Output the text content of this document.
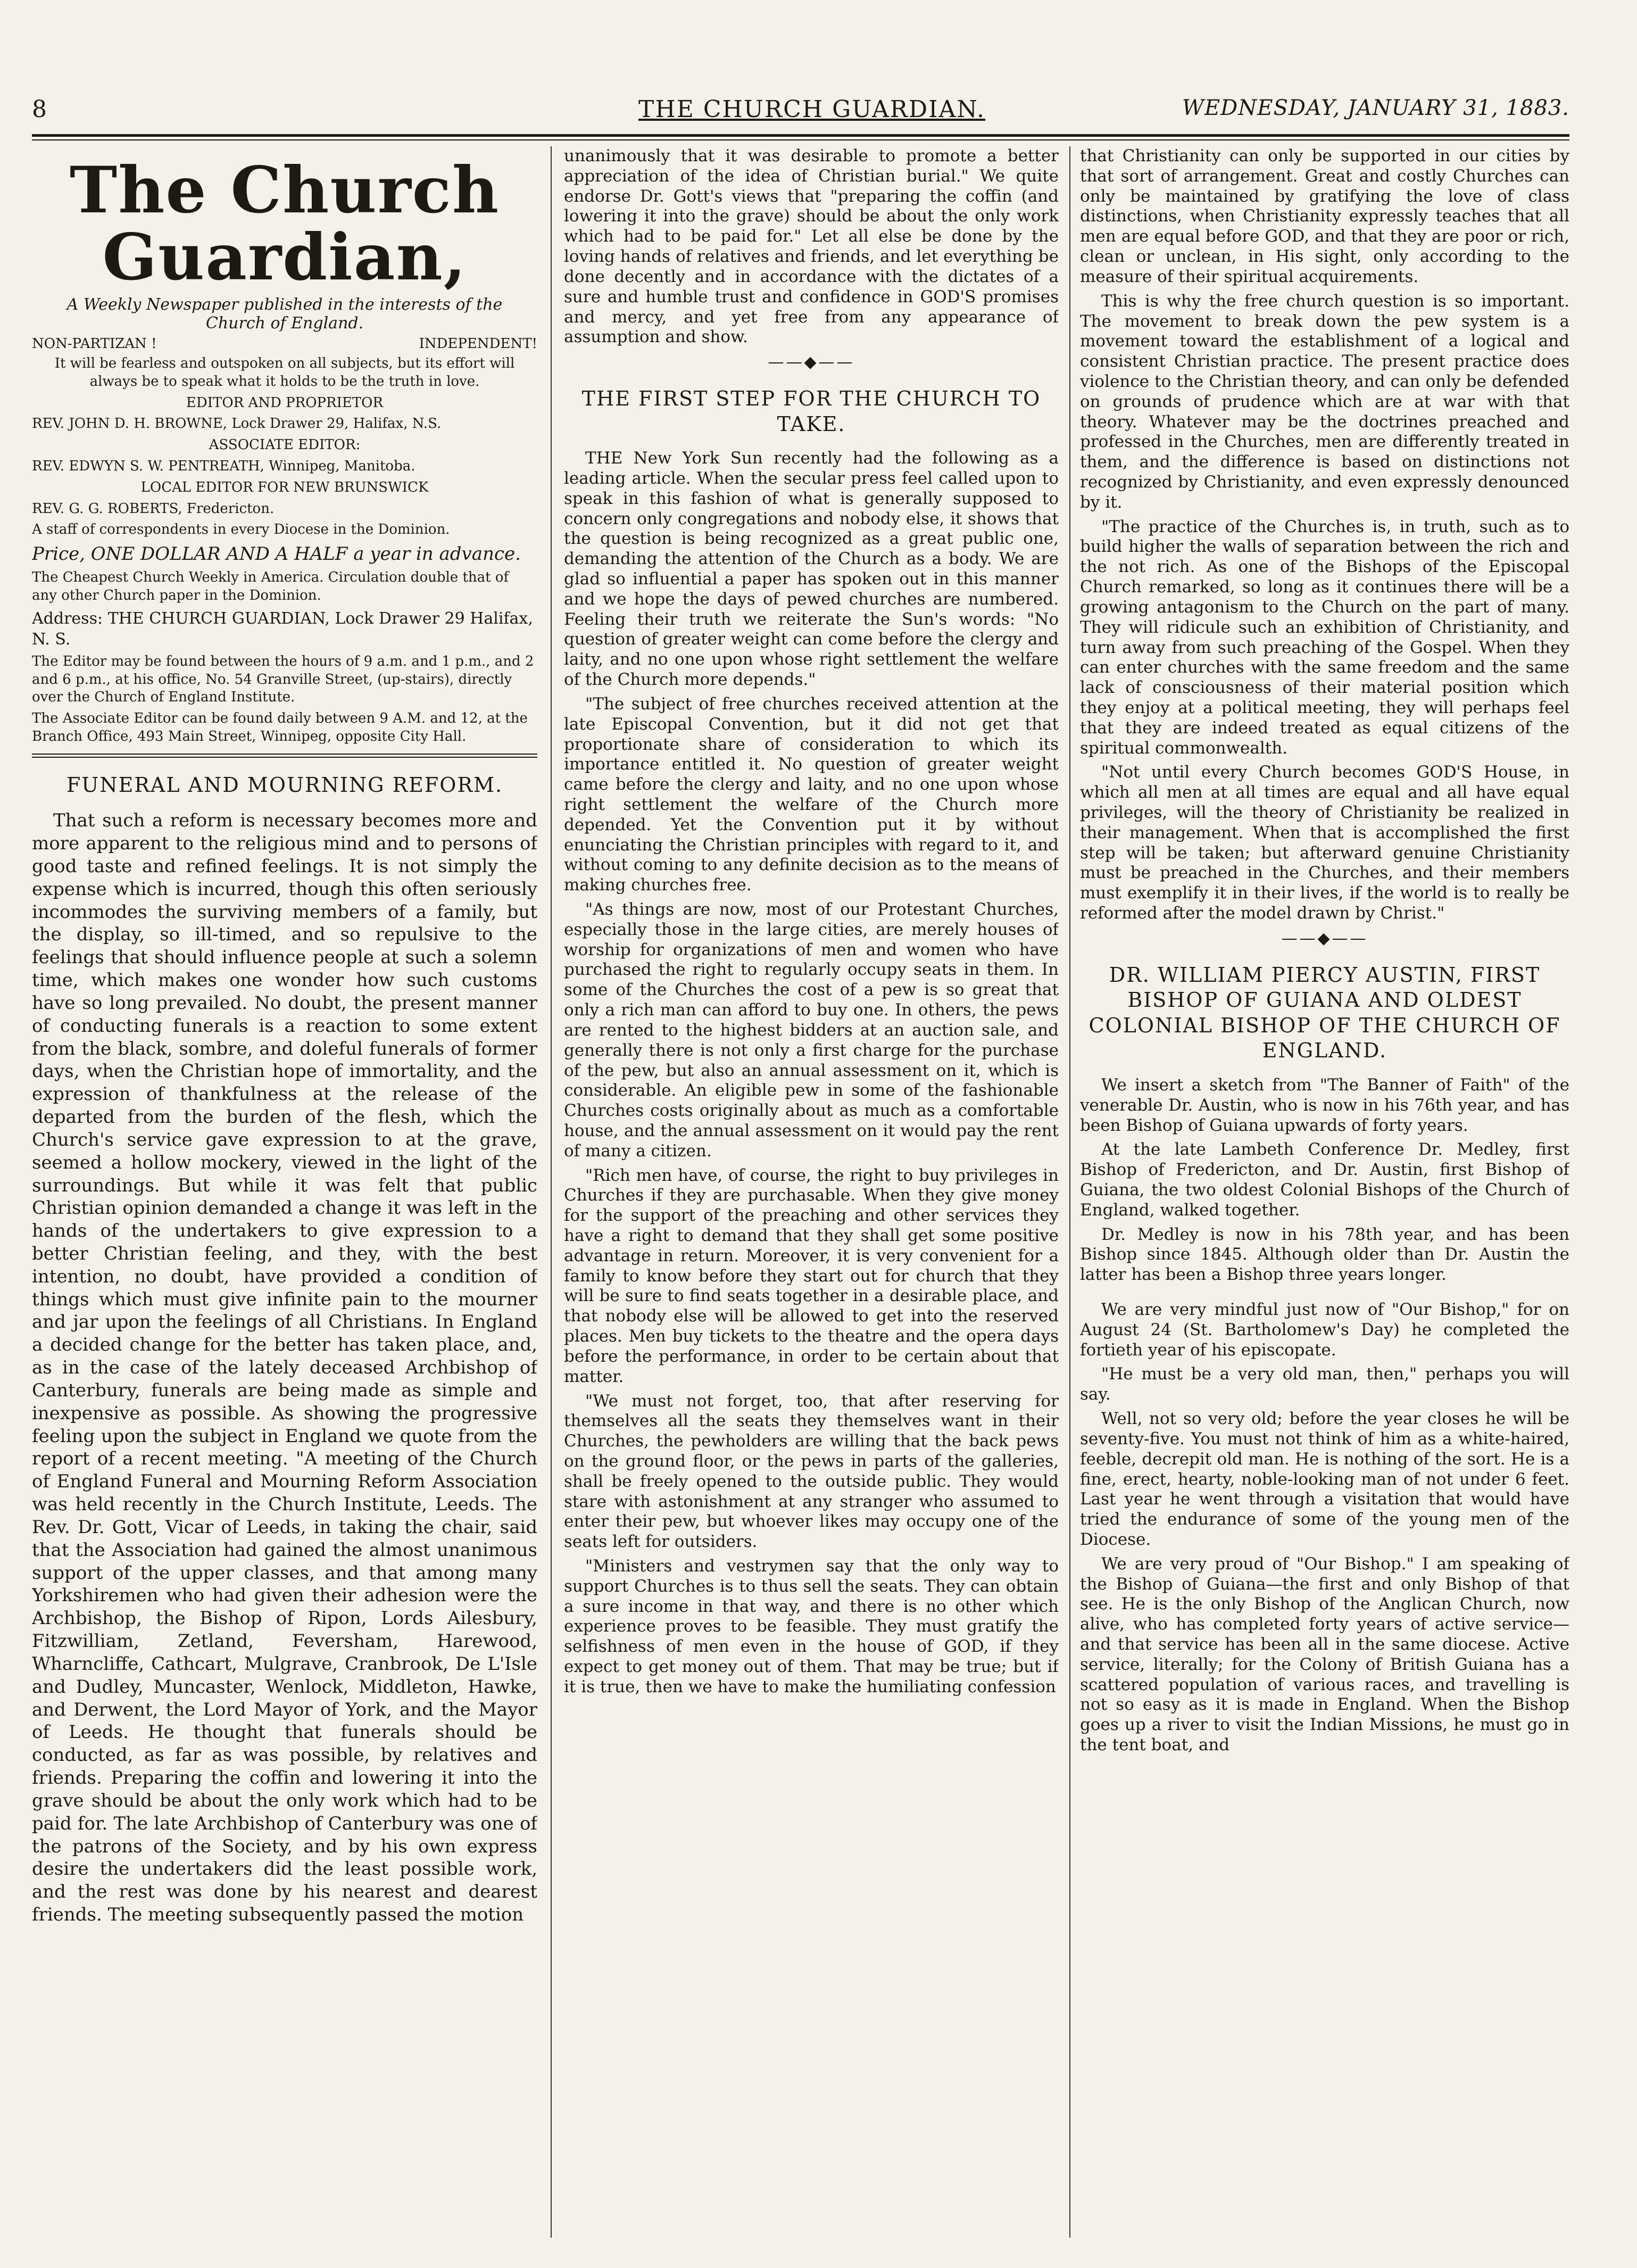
8	THE CHURCH GUARDIAN.	WEDNESDAY, JANUARY 31, 1883.
The Church Guardian,
A Weekly Newspaper published in the interests of the
Church of England.
NON-PARTIZAN !	INDEPENDENT!
It will be fearless and outspoken on all subjects, but its effort will always be to speak what it holds to be the truth in love.
EDITOR AND PROPRIETOR
REV. JOHN D. H. BROWNE, Lock Drawer 29, Halifax, N.S.
ASSOCIATE EDITOR:
REV. EDWYN S. W. PENTREATH, Winnipeg, Manitoba.
LOCAL EDITOR FOR NEW BRUNSWICK
REV. G. G. ROBERTS, Fredericton.
A staff of correspondents in every Diocese in the Dominion.
Price, ONE DOLLAR AND A HALF a year in advance.
The Cheapest Church Weekly in America. Circulation double that of any other Church paper in the Dominion.
Address: THE CHURCH GUARDIAN, Lock Drawer 29 Halifax, N. S.
The Editor may be found between the hours of 9 a.m. and 1 p.m., and 2 and 6 p.m., at his office, No. 54 Granville Street, (up-stairs), directly over the Church of England Institute.
The Associate Editor can be found daily between 9 A.M. and 12, at the Branch Office, 493 Main Street, Winnipeg, opposite City Hall.
FUNERAL AND MOURNING REFORM.

That such a reform is necessary becomes more and more apparent to the religious mind and to persons of good taste and refined feelings. It is not simply the expense which is incurred, though this often seriously incommodes the surviving members of a family, but the display, so ill-timed, and so repulsive to the feelings that should influence people at such a solemn time, which makes one wonder how such customs have so long prevailed. No doubt, the present manner of conducting funerals is a reaction to some extent from the black, sombre, and doleful funerals of former days, when the Christian hope of immortality, and the expression of thankfulness at the release of the departed from the burden of the flesh, which the Church's service gave expression to at the grave, seemed a hollow mockery, viewed in the light of the surroundings. But while it was felt that public Christian opinion demanded a change it was left in the hands of the undertakers to give expression to a better Christian feeling, and they, with the best intention, no doubt, have provided a condition of things which must give infinite pain to the mourner and jar upon the feelings of all Christians. In England a decided change for the better has taken place, and, as in the case of the lately deceased Archbishop of Canterbury, funerals are being made as simple and inexpensive as possible. As showing the progressive feeling upon the subject in England we quote from the report of a recent meeting. "A meeting of the Church of England Funeral and Mourning Reform Association was held recently in the Church Institute, Leeds. The Rev. Dr. Gott, Vicar of Leeds, in taking the chair, said that the Association had gained the almost unanimous support of the upper classes, and that among many Yorkshiremen who had given their adhesion were the Archbishop, the Bishop of Ripon, Lords Ailesbury, Fitzwilliam, Zetland, Feversham, Harewood, Wharncliffe, Cathcart, Mulgrave, Cranbrook, De L'Isle and Dudley, Muncaster, Wenlock, Middleton, Hawke, and Derwent, the Lord Mayor of York, and the Mayor of Leeds. He thought that funerals should be conducted, as far as was possible, by relatives and friends. Preparing the coffin and lowering it into the grave should be about the only work which had to be paid for. The late Archbishop of Canterbury was one of the patrons of the Society, and by his own express desire the undertakers did the least possible work, and the rest was done by his nearest and dearest friends. The meeting subsequently passed the motion

unanimously that it was desirable to promote a better appreciation of the idea of Christian burial." We quite endorse Dr. Gott's views that "preparing the coffin (and lowering it into the grave) should be about the only work which had to be paid for." Let all else be done by the loving hands of relatives and friends, and let everything be done decently and in accordance with the dictates of a sure and humble trust and confidence in GOD'S promises and mercy, and yet free from any appearance of assumption and show.

——◆——
THE FIRST STEP FOR THE CHURCH TO TAKE.

THE New York Sun recently had the following as a leading article. When the secular press feel called upon to speak in this fashion of what is generally supposed to concern only congregations and nobody else, it shows that the question is being recognized as a great public one, demanding the attention of the Church as a body. We are glad so influential a paper has spoken out in this manner and we hope the days of pewed churches are numbered. Feeling their truth we reiterate the Sun's words: "No question of greater weight can come before the clergy and laity, and no one upon whose right settlement the welfare of the Church more depends."

"The subject of free churches received attention at the late Episcopal Convention, but it did not get that proportionate share of consideration to which its importance entitled it. No question of greater weight came before the clergy and laity, and no one upon whose right settlement the welfare of the Church more depended. Yet the Convention put it by without enunciating the Christian principles with regard to it, and without coming to any definite decision as to the means of making churches free.

"As things are now, most of our Protestant Churches, especially those in the large cities, are merely houses of worship for organizations of men and women who have purchased the right to regularly occupy seats in them. In some of the Churches the cost of a pew is so great that only a rich man can afford to buy one. In others, the pews are rented to the highest bidders at an auction sale, and generally there is not only a first charge for the purchase of the pew, but also an annual assessment on it, which is considerable. An eligible pew in some of the fashionable Churches costs originally about as much as a comfortable house, and the annual assessment on it would pay the rent of many a citizen.

"Rich men have, of course, the right to buy privileges in Churches if they are purchasable. When they give money for the support of the preaching and other services they have a right to demand that they shall get some positive advantage in return. Moreover, it is very convenient for a family to know before they start out for church that they will be sure to find seats together in a desirable place, and that nobody else will be allowed to get into the reserved places. Men buy tickets to the theatre and the opera days before the performance, in order to be certain about that matter.

"We must not forget, too, that after reserving for themselves all the seats they themselves want in their Churches, the pewholders are willing that the back pews on the ground floor, or the pews in parts of the galleries, shall be freely opened to the outside public. They would stare with astonishment at any stranger who assumed to enter their pew, but whoever likes may occupy one of the seats left for outsiders.

"Ministers and vestrymen say that the only way to support Churches is to thus sell the seats. They can obtain a sure income in that way, and there is no other which experience proves to be feasible. They must gratify the selfishness of men even in the house of GOD, if they expect to get money out of them. That may be true; but if it is true, then we have to make the humiliating confession

that Christianity can only be supported in our cities by that sort of arrangement. Great and costly Churches can only be maintained by gratifying the love of class distinctions, when Christianity expressly teaches that all men are equal before GOD, and that they are poor or rich, clean or unclean, in His sight, only according to the measure of their spiritual acquirements.

This is why the free church question is so important. The movement to break down the pew system is a movement toward the establishment of a logical and consistent Christian practice. The present practice does violence to the Christian theory, and can only be defended on grounds of prudence which are at war with that theory. Whatever may be the doctrines preached and professed in the Churches, men are differently treated in them, and the difference is based on distinctions not recognized by Christianity, and even expressly denounced by it.

"The practice of the Churches is, in truth, such as to build higher the walls of separation between the rich and the not rich. As one of the Bishops of the Episcopal Church remarked, so long as it continues there will be a growing antagonism to the Church on the part of many. They will ridicule such an exhibition of Christianity, and turn away from such preaching of the Gospel. When they can enter churches with the same freedom and the same lack of consciousness of their material position which they enjoy at a political meeting, they will perhaps feel that they are indeed treated as equal citizens of the spiritual commonwealth.

"Not until every Church becomes GOD'S House, in which all men at all times are equal and all have equal privileges, will the theory of Christianity be realized in their management. When that is accomplished the first step will be taken; but afterward genuine Christianity must be preached in the Churches, and their members must exemplify it in their lives, if the world is to really be reformed after the model drawn by Christ."

——◆——
DR. WILLIAM PIERCY AUSTIN, FIRST BISHOP OF GUIANA AND OLDEST COLONIAL BISHOP OF THE CHURCH OF ENGLAND.

We insert a sketch from "The Banner of Faith" of the venerable Dr. Austin, who is now in his 76th year, and has been Bishop of Guiana upwards of forty years.

At the late Lambeth Conference Dr. Medley, first Bishop of Fredericton, and Dr. Austin, first Bishop of Guiana, the two oldest Colonial Bishops of the Church of England, walked together.

Dr. Medley is now in his 78th year, and has been Bishop since 1845. Although older than Dr. Austin the latter has been a Bishop three years longer.

We are very mindful just now of "Our Bishop," for on August 24 (St. Bartholomew's Day) he completed the fortieth year of his episcopate.

"He must be a very old man, then," perhaps you will say.

Well, not so very old; before the year closes he will be seventy-five. You must not think of him as a white-haired, feeble, decrepit old man. He is nothing of the sort. He is a fine, erect, hearty, noble-looking man of not under 6 feet. Last year he went through a visitation that would have tried the endurance of some of the young men of the Diocese.

We are very proud of "Our Bishop." I am speaking of the Bishop of Guiana—the first and only Bishop of that see. He is the only Bishop of the Anglican Church, now alive, who has completed forty years of active service—and that service has been all in the same diocese. Active service, literally; for the Colony of British Guiana has a scattered population of various races, and travelling is not so easy as it is made in England. When the Bishop goes up a river to visit the Indian Missions, he must go in the tent boat, and
